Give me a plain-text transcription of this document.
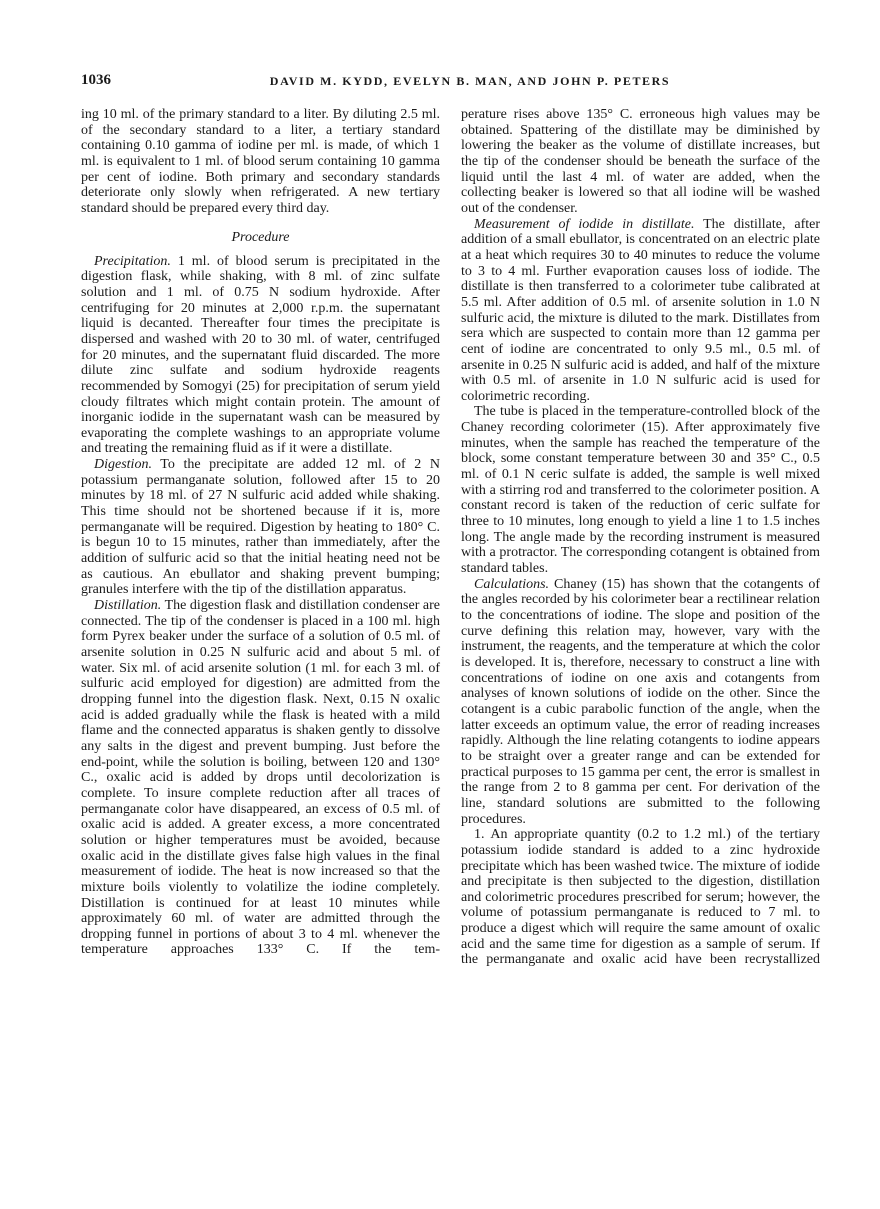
1036	DAVID M. KYDD, EVELYN B. MAN, AND JOHN P. PETERS

ing 10 ml. of the primary standard to a liter. By diluting 2.5 ml. of the secondary standard to a liter, a tertiary standard containing 0.10 gamma of iodine per ml. is made, of which 1 ml. is equivalent to 1 ml. of blood serum containing 10 gamma per cent of iodine. Both primary and secondary standards deteriorate only slowly when refrigerated. A new tertiary standard should be prepared every third day.

Procedure

Precipitation. 1 ml. of blood serum is precipitated in the digestion flask, while shaking, with 8 ml. of zinc sulfate solution and 1 ml. of 0.75 N sodium hydroxide. After centrifuging for 20 minutes at 2,000 r.p.m. the supernatant liquid is decanted. Thereafter four times the precipitate is dispersed and washed with 20 to 30 ml. of water, centrifuged for 20 minutes, and the supernatant fluid discarded. The more dilute zinc sulfate and sodium hydroxide reagents recommended by Somogyi (25) for precipitation of serum yield cloudy filtrates which might contain protein. The amount of inorganic iodide in the supernatant wash can be measured by evaporating the complete washings to an appropriate volume and treating the remaining fluid as if it were a distillate.

Digestion. To the precipitate are added 12 ml. of 2 N potassium permanganate solution, followed after 15 to 20 minutes by 18 ml. of 27 N sulfuric acid added while shaking. This time should not be shortened because if it is, more permanganate will be required. Digestion by heating to 180° C. is begun 10 to 15 minutes, rather than immediately, after the addition of sulfuric acid so that the initial heating need not be as cautious. An ebullator and shaking prevent bumping; granules interfere with the tip of the distillation apparatus.

Distillation. The digestion flask and distillation condenser are connected. The tip of the condenser is placed in a 100 ml. high form Pyrex beaker under the surface of a solution of 0.5 ml. of arsenite solution in 0.25 N sulfuric acid and about 5 ml. of water. Six ml. of acid arsenite solution (1 ml. for each 3 ml. of sulfuric acid employed for digestion) are admitted from the dropping funnel into the digestion flask. Next, 0.15 N oxalic acid is added gradually while the flask is heated with a mild flame and the connected apparatus is shaken gently to dissolve any salts in the digest and prevent bumping. Just before the end-point, while the solution is boiling, between 120 and 130° C., oxalic acid is added by drops until decolorization is complete. To insure complete reduction after all traces of permanganate color have disappeared, an excess of 0.5 ml. of oxalic acid is added. A greater excess, a more concentrated solution or higher temperatures must be avoided, because oxalic acid in the distillate gives false high values in the final measurement of iodide. The heat is now increased so that the mixture boils violently to volatilize the iodine completely. Distillation is continued for at least 10 minutes while approximately 60 ml. of water are admitted through the dropping funnel in portions of about 3 to 4 ml. whenever the temperature approaches 133° C. If the tem-

perature rises above 135° C. erroneous high values may be obtained. Spattering of the distillate may be diminished by lowering the beaker as the volume of distillate increases, but the tip of the condenser should be beneath the surface of the liquid until the last 4 ml. of water are added, when the collecting beaker is lowered so that all iodine will be washed out of the condenser.

Measurement of iodide in distillate. The distillate, after addition of a small ebullator, is concentrated on an electric plate at a heat which requires 30 to 40 minutes to reduce the volume to 3 to 4 ml. Further evaporation causes loss of iodide. The distillate is then transferred to a colorimeter tube calibrated at 5.5 ml. After addition of 0.5 ml. of arsenite solution in 1.0 N sulfuric acid, the mixture is diluted to the mark. Distillates from sera which are suspected to contain more than 12 gamma per cent of iodine are concentrated to only 9.5 ml., 0.5 ml. of arsenite in 0.25 N sulfuric acid is added, and half of the mixture with 0.5 ml. of arsenite in 1.0 N sulfuric acid is used for colorimetric recording.

The tube is placed in the temperature-controlled block of the Chaney recording colorimeter (15). After approximately five minutes, when the sample has reached the temperature of the block, some constant temperature between 30 and 35° C., 0.5 ml. of 0.1 N ceric sulfate is added, the sample is well mixed with a stirring rod and transferred to the colorimeter position. A constant record is taken of the reduction of ceric sulfate for three to 10 minutes, long enough to yield a line 1 to 1.5 inches long. The angle made by the recording instrument is measured with a protractor. The corresponding cotangent is obtained from standard tables.

Calculations. Chaney (15) has shown that the cotangents of the angles recorded by his colorimeter bear a rectilinear relation to the concentrations of iodine. The slope and position of the curve defining this relation may, however, vary with the instrument, the reagents, and the temperature at which the color is developed. It is, therefore, necessary to construct a line with concentrations of iodine on one axis and cotangents from analyses of known solutions of iodide on the other. Since the cotangent is a cubic parabolic function of the angle, when the latter exceeds an optimum value, the error of reading increases rapidly. Although the line relating cotangents to iodine appears to be straight over a greater range and can be extended for practical purposes to 15 gamma per cent, the error is smallest in the range from 2 to 8 gamma per cent. For derivation of the line, standard solutions are submitted to the following procedures.

1. An appropriate quantity (0.2 to 1.2 ml.) of the tertiary potassium iodide standard is added to a zinc hydroxide precipitate which has been washed twice. The mixture of iodide and precipitate is then subjected to the digestion, distillation and colorimetric procedures prescribed for serum; however, the volume of potassium permanganate is reduced to 7 ml. to produce a digest which will require the same amount of oxalic acid and the same time for digestion as a sample of serum. If the permanganate and oxalic acid have been recrystallized
